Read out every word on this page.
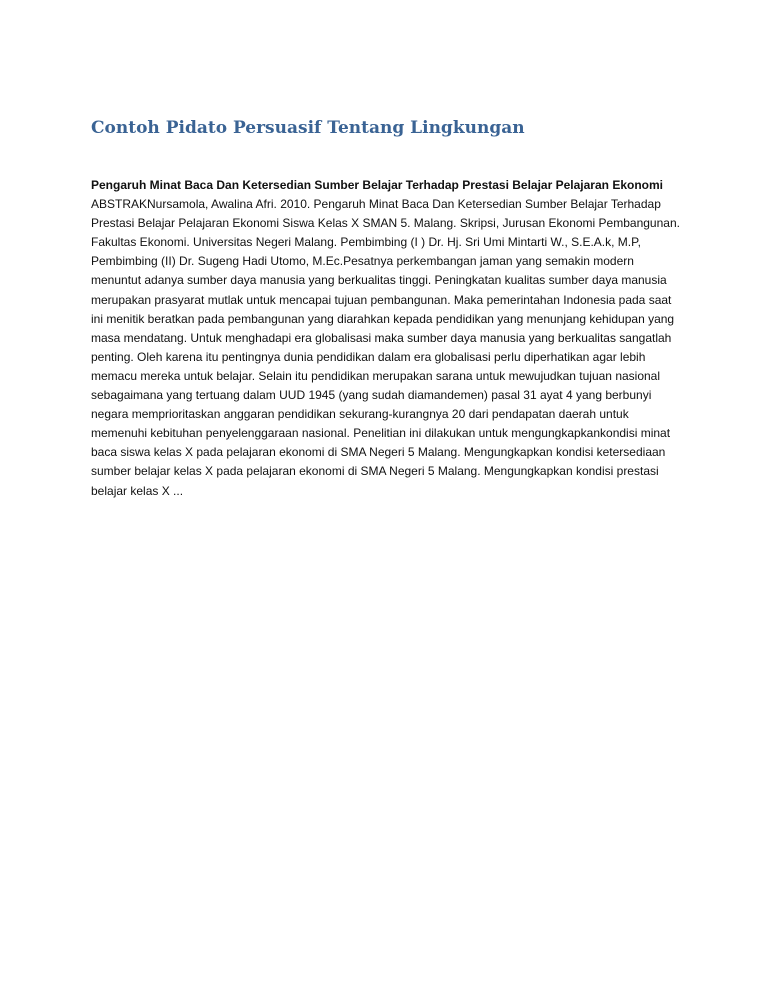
Contoh Pidato Persuasif Tentang Lingkungan

Pengaruh Minat Baca Dan Ketersedian Sumber Belajar Terhadap Prestasi Belajar Pelajaran Ekonomi
ABSTRAKNursamola, Awalina Afri. 2010. Pengaruh Minat Baca Dan Ketersedian Sumber Belajar Terhadap Prestasi Belajar Pelajaran Ekonomi Siswa Kelas X SMAN 5. Malang. Skripsi, Jurusan Ekonomi Pembangunan. Fakultas Ekonomi. Universitas Negeri Malang. Pembimbing (I ) Dr. Hj. Sri Umi Mintarti W., S.E.A.k, M.P, Pembimbing (II) Dr. Sugeng Hadi Utomo, M.Ec.Pesatnya perkembangan jaman yang semakin modern menuntut adanya sumber daya manusia yang berkualitas tinggi. Peningkatan kualitas sumber daya manusia merupakan prasyarat mutlak untuk mencapai tujuan pembangunan. Maka pemerintahan Indonesia pada saat ini menitik beratkan pada pembangunan yang diarahkan kepada pendidikan yang menunjang kehidupan yang masa mendatang. Untuk menghadapi era globalisasi maka sumber daya manusia yang berkualitas sangatlah penting. Oleh karena itu pentingnya dunia pendidikan dalam era globalisasi perlu diperhatikan agar lebih memacu mereka untuk belajar. Selain itu pendidikan merupakan sarana untuk mewujudkan tujuan nasional sebagaimana yang tertuang dalam UUD 1945 (yang sudah diamandemen) pasal 31 ayat 4 yang berbunyi negara memprioritaskan anggaran pendidikan sekurang-kurangnya 20 dari pendapatan daerah untuk memenuhi kebituhan penyelenggaraan nasional. Penelitian ini dilakukan untuk mengungkapkankondisi minat baca siswa kelas X pada pelajaran ekonomi di SMA Negeri 5 Malang. Mengungkapkan kondisi ketersediaan sumber belajar kelas X pada pelajaran ekonomi di SMA Negeri 5 Malang. Mengungkapkan kondisi prestasi belajar kelas X ...
